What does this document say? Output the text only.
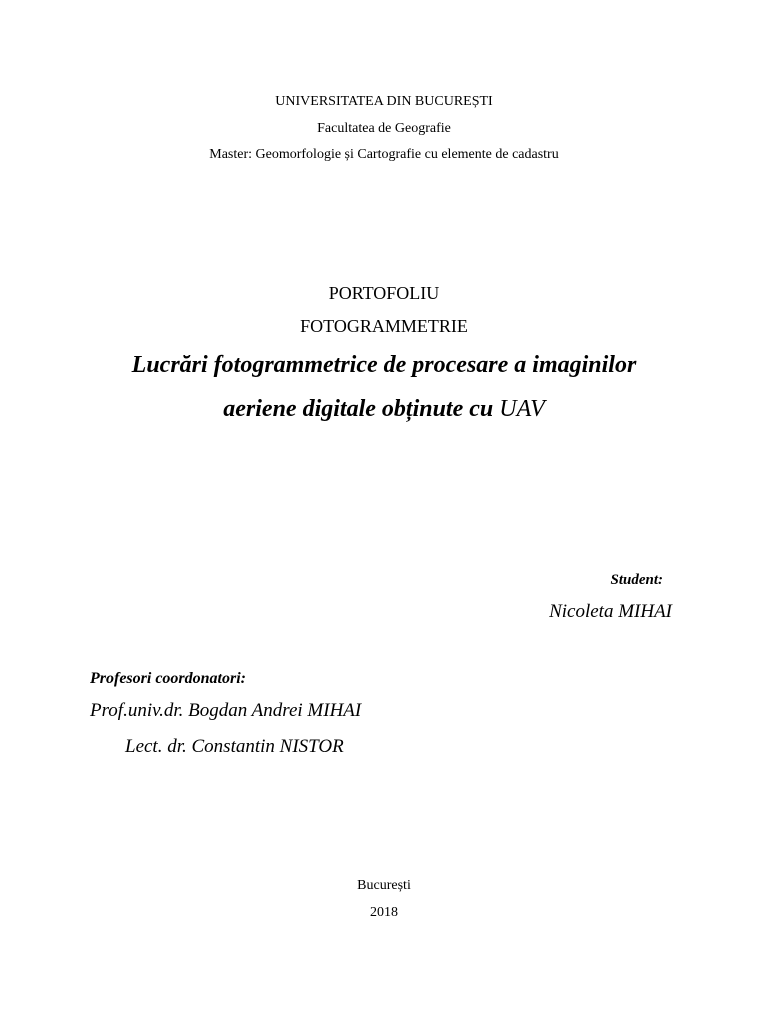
UNIVERSITATEA DIN BUCUREȘTI
Facultatea de Geografie
Master: Geomorfologie și Cartografie cu elemente de cadastru
PORTOFOLIU
FOTOGRAMMETRIE
Lucrări fotogrammetrice de procesare a imaginilor
aeriene digitale obținute cu UAV
Student:
Nicoleta MIHAI
Profesori coordonatori:
Prof.univ.dr. Bogdan Andrei MIHAI
Lect. dr. Constantin NISTOR
București
2018
